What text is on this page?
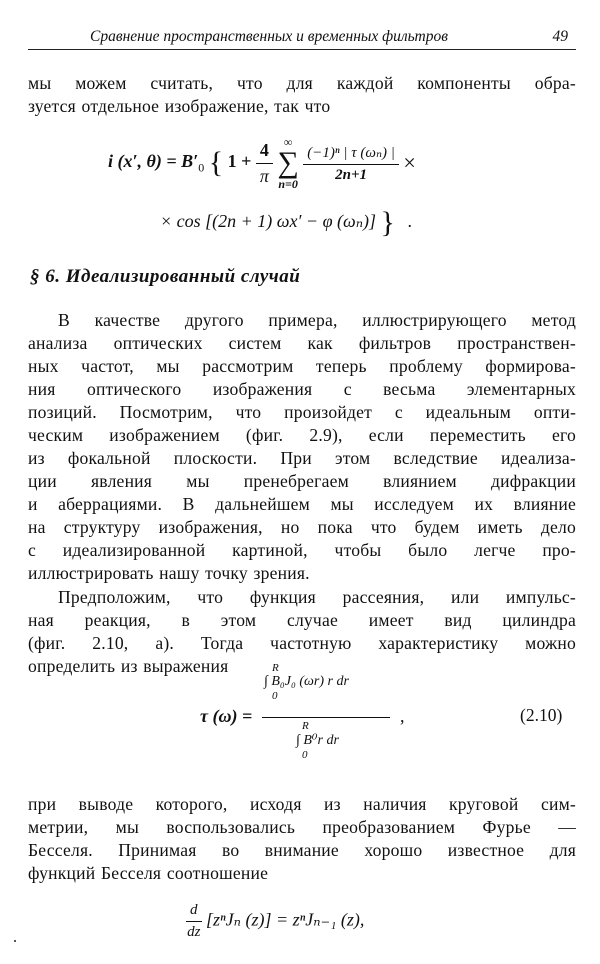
Сравнение пространственных и временных фильтров	49
мы можем считать, что для каждой компоненты обра-
зуется отдельное изображение, так что
i (x′, $\theta) = B'_0$ { $1 + \frac{4}{\pi}$
∞
∑
n=0

$\frac{\text{(−1)ⁿ | τ (ωₙ) |}}{2n+1}$ ×
× cos [(2n + 1) ωx′ − φ (ωₙ)] } .
§ 6. Идеализированный случай
В качестве другого примера, иллюстрирующего метод
анализа оптических систем как фильтров пространствен-
ных частот, мы рассмотрим теперь проблему формирова-
ния оптического изображения с весьма элементарных
позиций. Посмотрим, что произойдет с идеальным опти-
ческим изображением (фиг. 2.9), если переместить его
из фокальной плоскости. При этом вследствие идеализа-
ции явления мы пренебрегаем влиянием дифракции
и аберрациями. В дальнейшем мы исследуем их влияние
на структуру изображения, но пока что будем иметь дело
с идеализированной картиной, чтобы было легче про-
иллюстрировать нашу точку зрения.
Предположим, что функция рассеяния, или импульс-
ная реакция, в этом случае имеет вид цилиндра
(фиг. 2.10, а). Тогда частотную характеристику можно
определить из выражения
τ (ω) =
R
∫ B₀J₀ (ωr) r dr
0
R
∫ B⁰r dr
0
,	(2.10)
при выводе которого, исходя из наличия круговой сим-
метрии, мы воспользовались преобразованием Фурье —
Бесселя. Принимая во внимание хорошо известное для
функций Бесселя соотношение
$\frac{d}{dz} [z^nJ_n$ (z)] = zⁿJₙ₋₁ (z),
